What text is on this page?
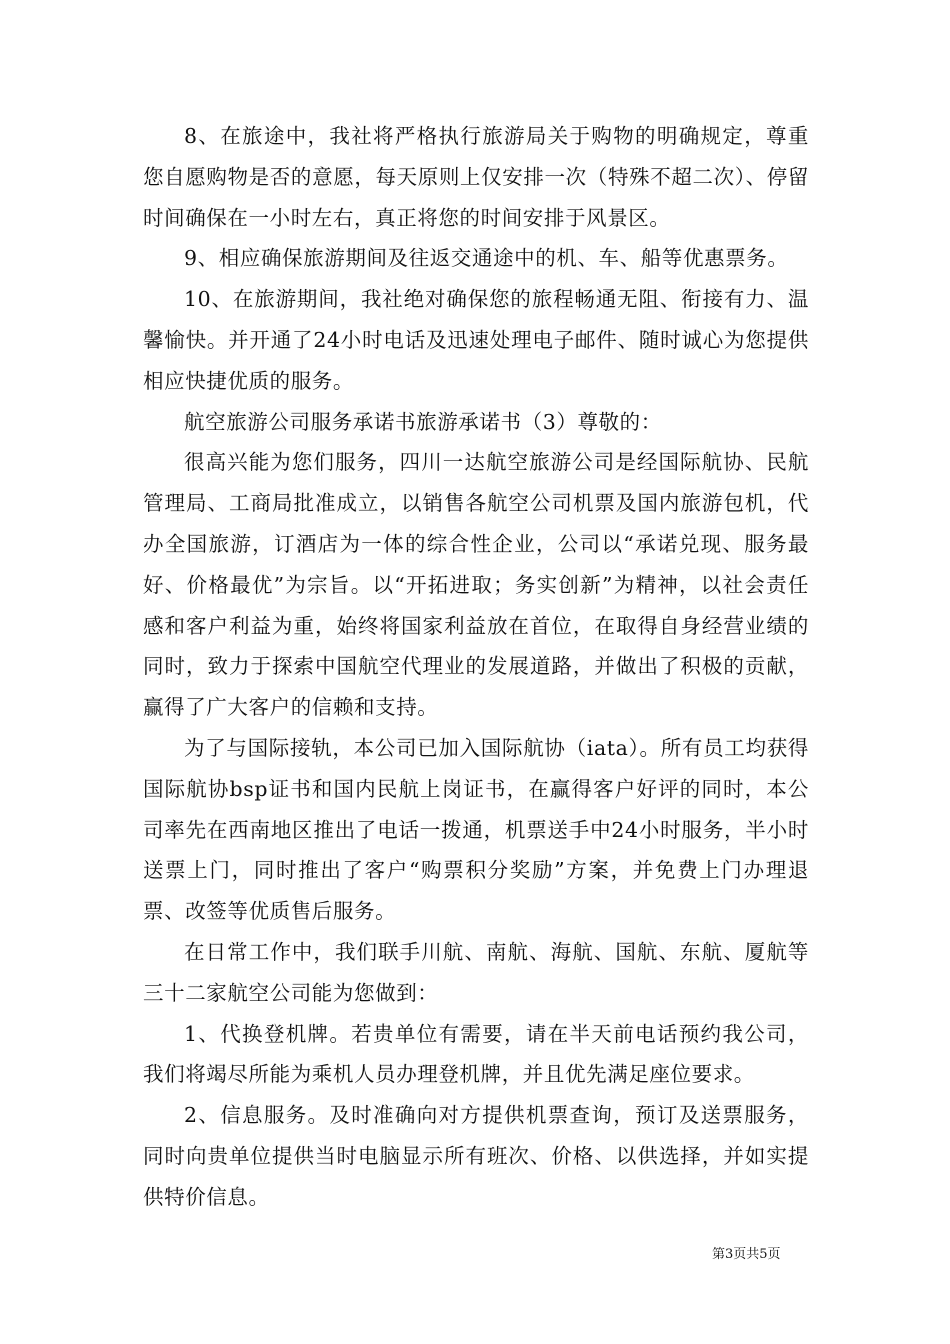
8、在旅途中，我社将严格执行旅游局关于购物的明确规定，尊重您自愿购物是否的意愿，每天原则上仅安排一次（特殊不超二次）、停留时间确保在一小时左右，真正将您的时间安排于风景区。

9、相应确保旅游期间及往返交通途中的机、车、船等优惠票务。

10、在旅游期间，我社绝对确保您的旅程畅通无阻、衔接有力、温馨愉快。并开通了24小时电话及迅速处理电子邮件、随时诚心为您提供相应快捷优质的服务。

航空旅游公司服务承诺书旅游承诺书（3）尊敬的：

很高兴能为您们服务，四川一达航空旅游公司是经国际航协、民航管理局、工商局批准成立，以销售各航空公司机票及国内旅游包机，代办全国旅游，订酒店为一体的综合性企业，公司以“承诺兑现、服务最好、价格最优”为宗旨。以“开拓进取；务实创新”为精神，以社会责任感和客户利益为重，始终将国家利益放在首位，在取得自身经营业绩的同时，致力于探索中国航空代理业的发展道路，并做出了积极的贡献，赢得了广大客户的信赖和支持。

为了与国际接轨，本公司已加入国际航协（iata）。所有员工均获得国际航协bsp证书和国内民航上岗证书，在赢得客户好评的同时，本公司率先在西南地区推出了电话一拨通，机票送手中24小时服务，半小时送票上门，同时推出了客户“购票积分奖励”方案，并免费上门办理退票、改签等优质售后服务。

在日常工作中，我们联手川航、南航、海航、国航、东航、厦航等三十二家航空公司能为您做到：

1、代换登机牌。若贵单位有需要，请在半天前电话预约我公司，我们将竭尽所能为乘机人员办理登机牌，并且优先满足座位要求。

2、信息服务。及时准确向对方提供机票查询，预订及送票服务，同时向贵单位提供当时电脑显示所有班次、价格、以供选择，并如实提供特价信息。

第3页共5页
